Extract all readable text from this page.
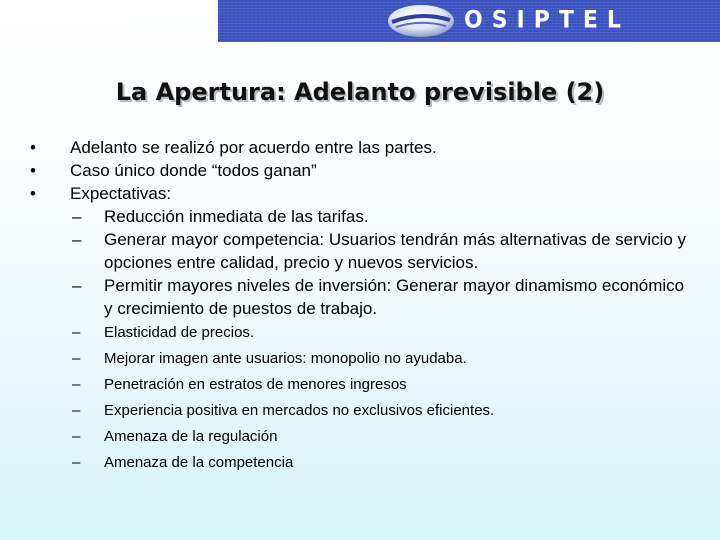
OSIPTEL
La Apertura: Adelanto previsible (2)
• Adelanto se realizó por acuerdo entre las partes.
• Caso único donde “todos ganan”
• Expectativas:
– Reducción inmediata de las tarifas.
– Generar mayor competencia: Usuarios tendrán más alternativas de servicio y opciones entre calidad, precio y nuevos servicios.
– Permitir mayores niveles de inversión: Generar mayor dinamismo económico y crecimiento de puestos de trabajo.
– Elasticidad de precios.
– Mejorar imagen ante usuarios: monopolio no ayudaba.
– Penetración en estratos de menores ingresos
– Experiencia positiva en mercados no exclusivos eficientes.
– Amenaza de la regulación
– Amenaza de la competencia
